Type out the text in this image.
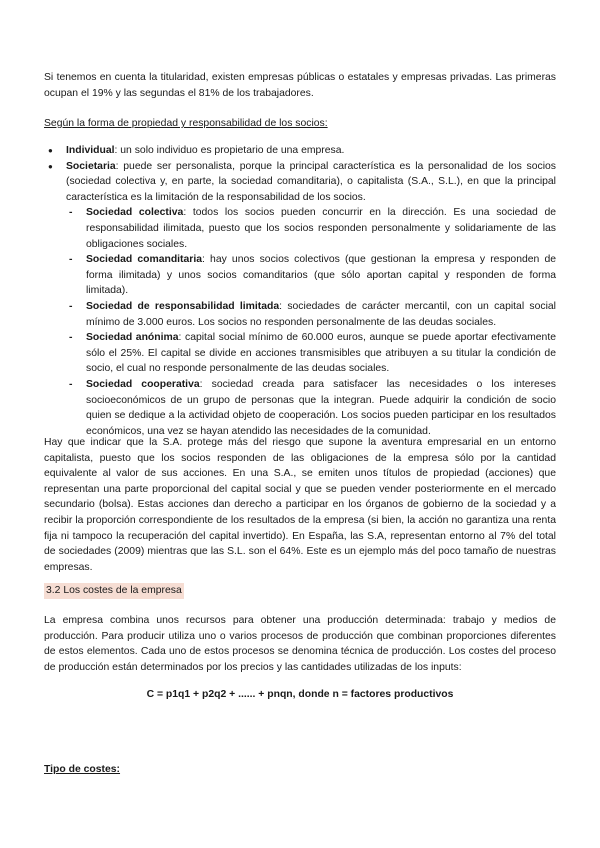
Si tenemos en cuenta la titularidad, existen empresas públicas o estatales y empresas privadas. Las primeras ocupan el 19% y las segundas el 81% de los trabajadores.
Según la forma de propiedad y responsabilidad de los socios:
● Individual: un solo individuo es propietario de una empresa.
● Societaria: puede ser personalista, porque la principal característica es la personalidad de los socios (sociedad colectiva y, en parte, la sociedad comanditaria), o capitalista (S.A., S.L.), en que la principal característica es la limitación de la responsabilidad de los socios.
- Sociedad colectiva: todos los socios pueden concurrir en la dirección. Es una sociedad de responsabilidad ilimitada, puesto que los socios responden personalmente y solidariamente de las obligaciones sociales.
- Sociedad comanditaria: hay unos socios colectivos (que gestionan la empresa y responden de forma ilimitada) y unos socios comanditarios (que sólo aportan capital y responden de forma limitada).
- Sociedad de responsabilidad limitada: sociedades de carácter mercantil, con un capital social mínimo de 3.000 euros. Los socios no responden personalmente de las deudas sociales.
- Sociedad anónima: capital social mínimo de 60.000 euros, aunque se puede aportar efectivamente sólo el 25%. El capital se divide en acciones transmisibles que atribuyen a su titular la condición de socio, el cual no responde personalmente de las deudas sociales.
- Sociedad cooperativa: sociedad creada para satisfacer las necesidades o los intereses socioeconómicos de un grupo de personas que la integran. Puede adquirir la condición de socio quien se dedique a la actividad objeto de cooperación. Los socios pueden participar en los resultados económicos, una vez se hayan atendido las necesidades de la comunidad.
Hay que indicar que la S.A. protege más del riesgo que supone la aventura empresarial en un entorno capitalista, puesto que los socios responden de las obligaciones de la empresa sólo por la cantidad equivalente al valor de sus acciones. En una S.A., se emiten unos títulos de propiedad (acciones) que representan una parte proporcional del capital social y que se pueden vender posteriormente en el mercado secundario (bolsa). Estas acciones dan derecho a participar en los órganos de gobierno de la sociedad y a recibir la proporción correspondiente de los resultados de la empresa (si bien, la acción no garantiza una renta fija ni tampoco la recuperación del capital invertido). En España, las S.A, representan entorno al 7% del total de sociedades (2009) mientras que las S.L. son el 64%. Este es un ejemplo más del poco tamaño de nuestras empresas.
3.2 Los costes de la empresa
La empresa combina unos recursos para obtener una producción determinada: trabajo y medios de producción. Para producir utiliza uno o varios procesos de producción que combinan proporciones diferentes de estos elementos. Cada uno de estos procesos se denomina técnica de producción. Los costes del proceso de producción están determinados por los precios y las cantidades utilizadas de los inputs:
C = p1q1 + p2q2 + ...... + pnqn, donde n = factores productivos
Tipo de costes:
